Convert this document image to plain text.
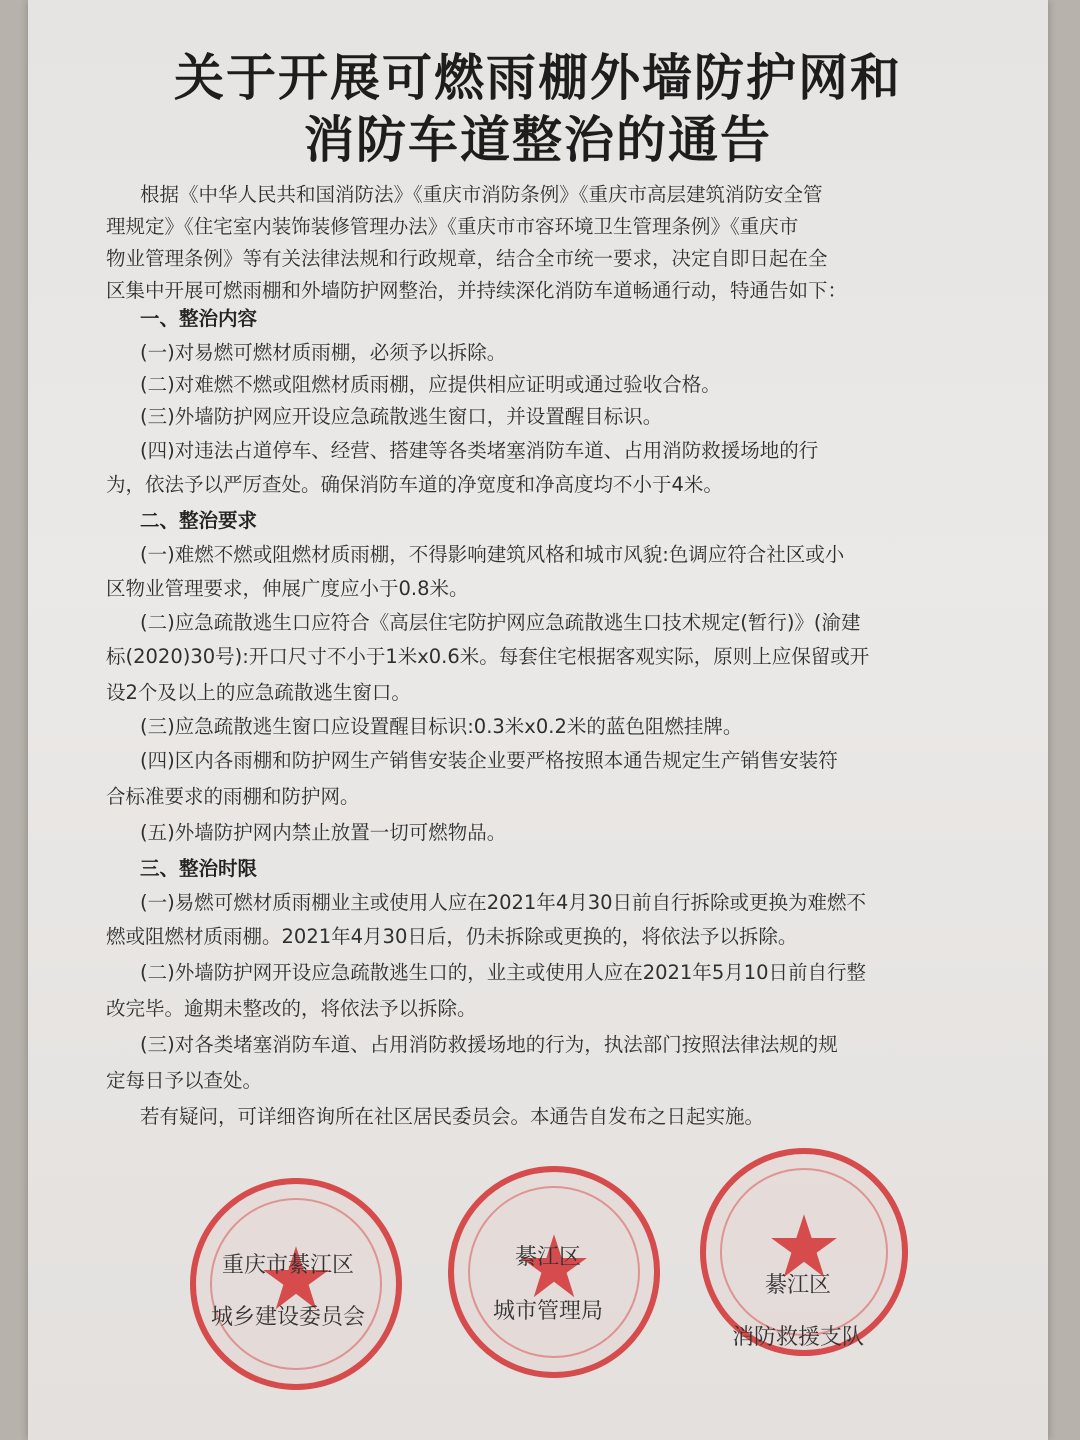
关于开展可燃雨棚外墙防护网和
消防车道整治的通告
根据《中华人民共和国消防法》《重庆市消防条例》《重庆市高层建筑消防安全管
理规定》《住宅室内装饰装修管理办法》《重庆市市容环境卫生管理条例》《重庆市
物业管理条例》等有关法律法规和行政规章，结合全市统一要求，决定自即日起在全
区集中开展可燃雨棚和外墙防护网整治，并持续深化消防车道畅通行动，特通告如下：
一、整治内容
(一)对易燃可燃材质雨棚，必须予以拆除。
(二)对难燃不燃或阻燃材质雨棚，应提供相应证明或通过验收合格。
(三)外墙防护网应开设应急疏散逃生窗口，并设置醒目标识。
(四)对违法占道停车、经营、搭建等各类堵塞消防车道、占用消防救援场地的行
为，依法予以严厉查处。确保消防车道的净宽度和净高度均不小于4米。
二、整治要求
(一)难燃不燃或阻燃材质雨棚，不得影响建筑风格和城市风貌:色调应符合社区或小
区物业管理要求，伸展广度应小于0.8米。
(二)应急疏散逃生口应符合《高层住宅防护网应急疏散逃生口技术规定(暂行)》(渝建
标(2020)30号):开口尺寸不小于1米x0.6米。每套住宅根据客观实际，原则上应保留或开
设2个及以上的应急疏散逃生窗口。
(三)应急疏散逃生窗口应设置醒目标识:0.3米x0.2米的蓝色阻燃挂牌。
(四)区内各雨棚和防护网生产销售安装企业要严格按照本通告规定生产销售安装符
合标准要求的雨棚和防护网。
(五)外墙防护网内禁止放置一切可燃物品。
三、整治时限
(一)易燃可燃材质雨棚业主或使用人应在2021年4月30日前自行拆除或更换为难燃不
燃或阻燃材质雨棚。2021年4月30日后，仍未拆除或更换的，将依法予以拆除。
(二)外墙防护网开设应急疏散逃生口的，业主或使用人应在2021年5月10日前自行整
改完毕。逾期未整改的，将依法予以拆除。
(三)对各类堵塞消防车道、占用消防救援场地的行为，执法部门按照法律法规的规
定每日予以查处。
若有疑问，可详细咨询所在社区居民委员会。本通告自发布之日起实施。
重庆市綦江区
城乡建设委员会
綦江区
城市管理局
綦江区
消防救援支队
